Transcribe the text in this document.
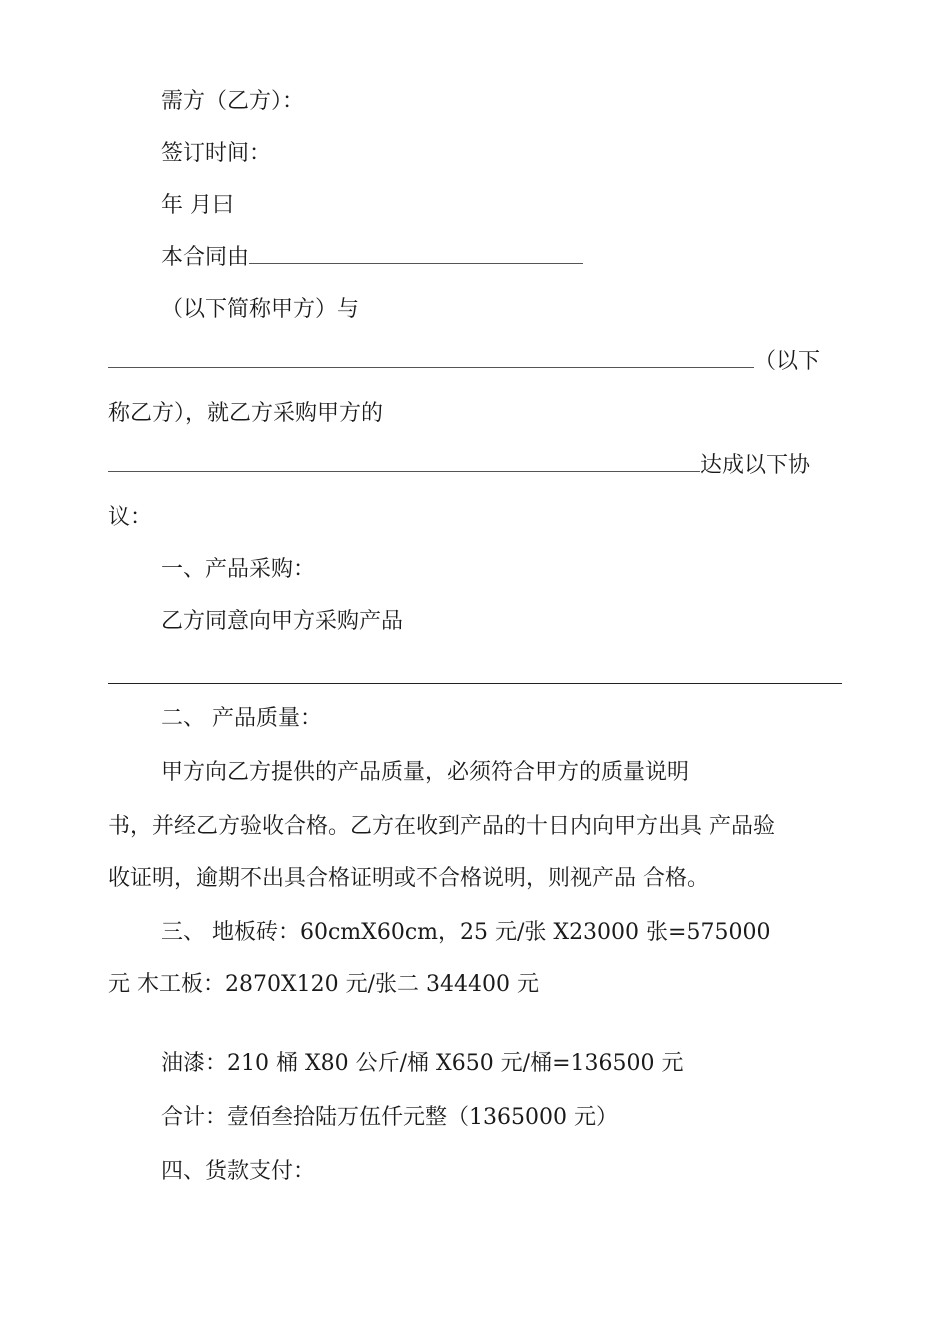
需方（乙方）：
签订时间：
年 月曰
本合同由
（以下简称甲方）与
（以下
称乙方），就乙方采购甲方的
达成以下协
议：
一、产品采购：
乙方同意向甲方采购产品
二、 产品质量：
甲方向乙方提供的产品质量，必须符合甲方的质量说明
书，并经乙方验收合格。乙方在收到产品的十日内向甲方出具 产品验
收证明，逾期不出具合格证明或不合格说明，则视产品 合格。
三、 地板砖：60cmX60cm，25 元/张 X23000 张=575000
元 木工板：2870X120 元/张二 344400 元
油漆：210 桶 X80 公斤/桶 X650 元/桶=136500 元
合计：壹佰叁拾陆万伍仟元整（1365000 元）
四、货款支付：
